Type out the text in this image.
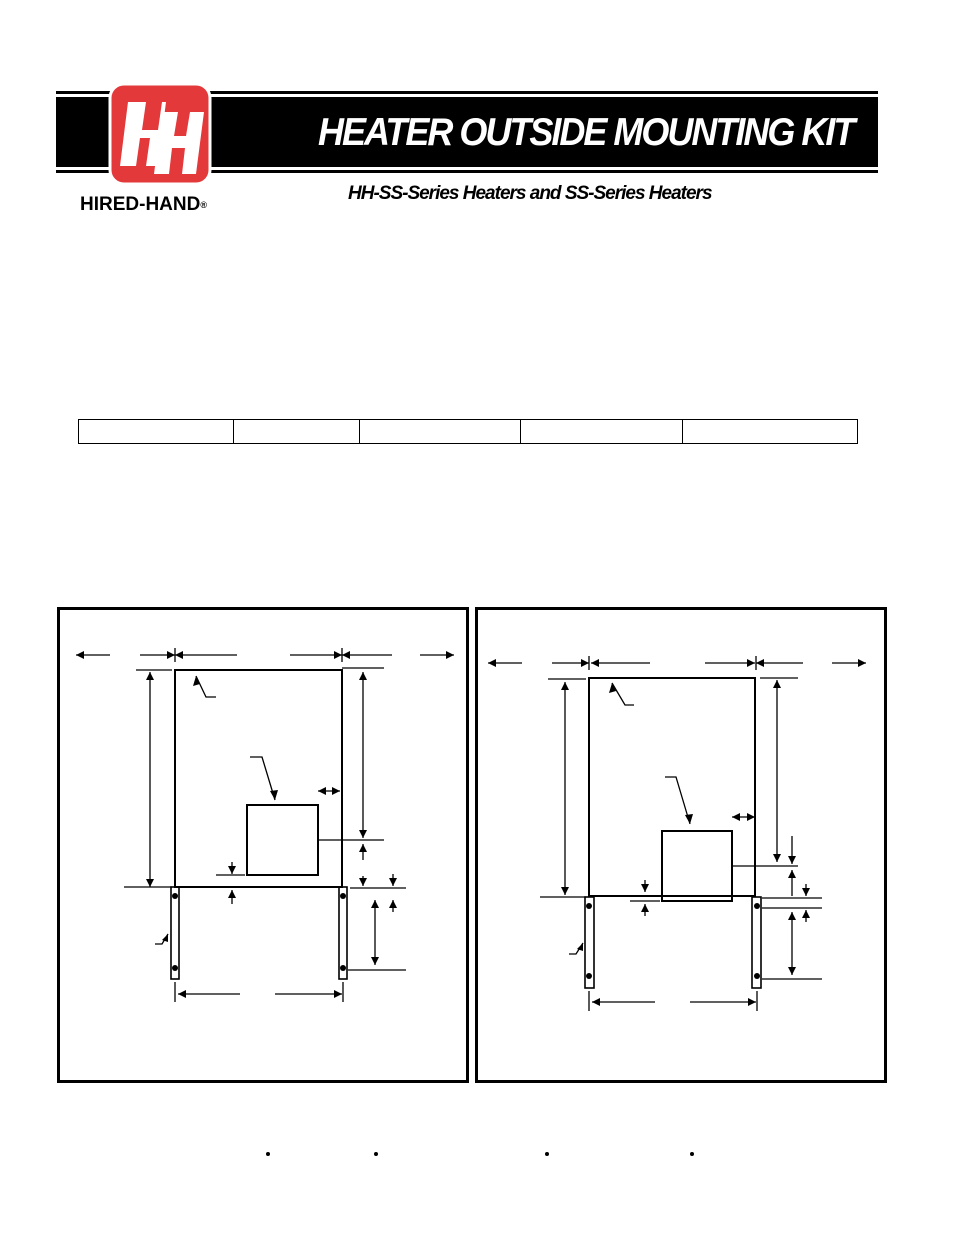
HEATER OUTSIDE MOUNTING KIT
HIRED-HAND®
HH-SS-Series Heaters and SS-Series Heaters
